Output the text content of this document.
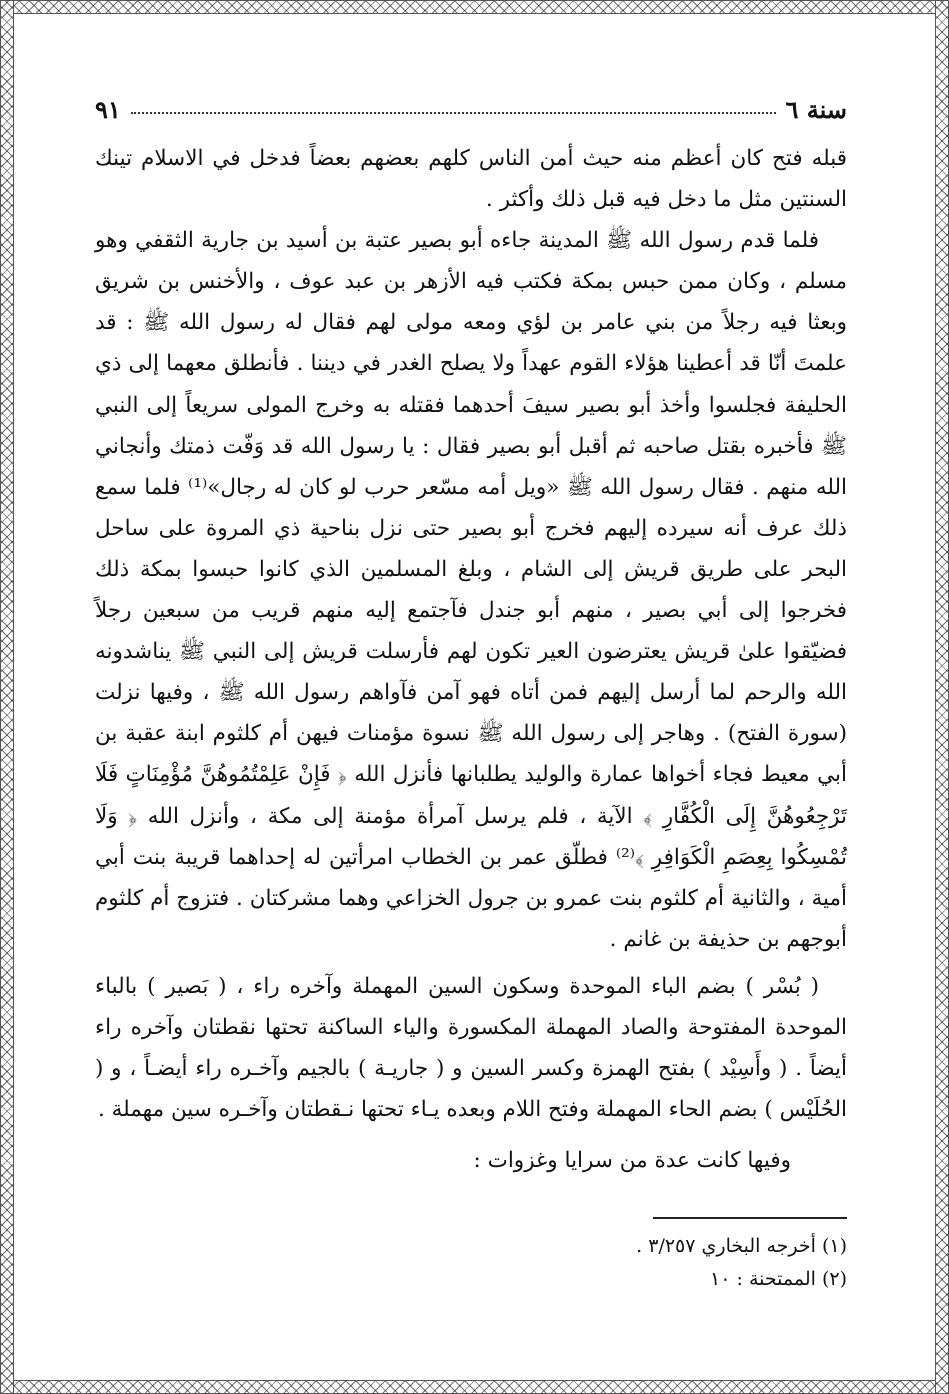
سنة ٦
٩١

قبله فتح كان أعظم منه حيث أمن الناس كلهم بعضهم بعضاً فدخل في الاسلام تينك السنتين مثل ما دخل فيه قبل ذلك وأكثر .

فلما قدم رسول الله ﷺ المدينة جاءه أبو بصير عتبة بن أسيد بن جارية الثقفي وهو مسلم ، وكان ممن حبس بمكة فكتب فيه الأزهر بن عبد عوف ، والأخنس بن شريق وبعثا فيه رجلاً من بني عامر بن لؤي ومعه مولى لهم فقال له رسول الله ﷺ : قد علمتَ أنّا قد أعطينا هؤلاء القوم عهداً ولا يصلح الغدر في ديننا . فأنطلق معهما إلى ذي الحليفة فجلسوا وأخذ أبو بصير سيفَ أحدهما فقتله به وخرج المولى سريعاً إلى النبي ﷺ فأخبره بقتل صاحبه ثم أقبل أبو بصير فقال : يا رسول الله قد وَفّت ذمتك وأنجاني الله منهم . فقال رسول الله ﷺ «ويل أمه مسّعر حرب لو كان له رجال»⁽¹⁾ فلما سمع ذلك عرف أنه سيرده إليهم فخرج أبو بصير حتى نزل بناحية ذي المروة على ساحل البحر على طريق قريش إلى الشام ، وبلغ المسلمين الذي كانوا حبسوا بمكة ذلك فخرجوا إلى أبي بصير ، منهم أبو جندل فآجتمع إليه منهم قريب من سبعين رجلاً فضيّقوا علىٰ قريش يعترضون العير تكون لهم فأرسلت قريش إلى النبي ﷺ يناشدونه الله والرحم لما أرسل إليهم فمن أتاه فهو آمن فآواهم رسول الله ﷺ ، وفيها نزلت (سورة الفتح) . وهاجر إلى رسول الله ﷺ نسوة مؤمنات فيهن أم كلثوم ابنة عقبة بن أبي معيط فجاء أخواها عمارة والوليد يطلبانها فأنزل الله ﴿ فَإِنْ عَلِمْتُمُوهُنَّ مُؤْمِنَاتٍ فَلَا تَرْجِعُوهُنَّ إِلَى الْكُفَّارِ ﴾ الآية ، فلم يرسل آمرأة مؤمنة إلى مكة ، وأنزل الله ﴿ وَلَا تُمْسِكُوا بِعِصَمِ الْكَوَافِرِ ﴾⁽²⁾ فطلّق عمر بن الخطاب امرأتين له إحداهما قريبة بنت أبي أمية ، والثانية أم كلثوم بنت عمرو بن جرول الخزاعي وهما مشركتان . فتزوج أم كلثوم أبوجهم بن حذيفة بن غانم .

( بُسْر ) بضم الباء الموحدة وسكون السين المهملة وآخره راء ، ( بَصير ) بالباء الموحدة المفتوحة والصاد المهملة المكسورة والياء الساكنة تحتها نقطتان وآخره راء أيضاً . ( وأَسِيْد ) بفتح الهمزة وكسر السين و ( جاريـة ) بالجيم وآخـره راء أيضـاً ، و ( الحُلَيْس ) بضم الحاء المهملة وفتح اللام وبعده يـاء تحتها نـقطتان وآخـره سين مهملة .

وفيها كانت عدة من سرايا وغزوات :

(١) أخرجه البخاري ٣/٢٥٧ .
(٢) الممتحنة : ١٠
